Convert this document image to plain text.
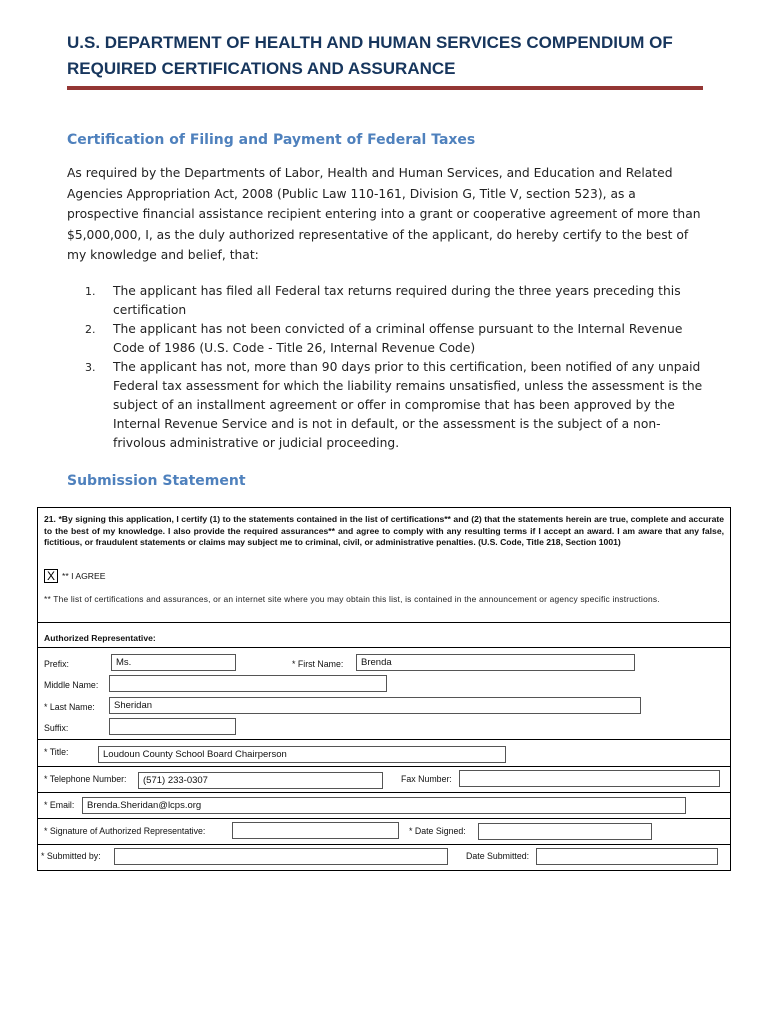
U.S. DEPARTMENT OF HEALTH AND HUMAN SERVICES COMPENDIUM OF REQUIRED CERTIFICATIONS AND ASSURANCE
Certification of Filing and Payment of Federal Taxes
As required by the Departments of Labor, Health and Human Services, and Education and Related Agencies Appropriation Act, 2008 (Public Law 110-161, Division G, Title V, section 523), as a prospective financial assistance recipient entering into a grant or cooperative agreement of more than $5,000,000, I, as the duly authorized representative of the applicant, do hereby certify to the best of my knowledge and belief, that:
1. The applicant has filed all Federal tax returns required during the three years preceding this certification
2. The applicant has not been convicted of a criminal offense pursuant to the Internal Revenue Code of 1986 (U.S. Code - Title 26, Internal Revenue Code)
3. The applicant has not, more than 90 days prior to this certification, been notified of any unpaid Federal tax assessment for which the liability remains unsatisfied, unless the assessment is the subject of an installment agreement or offer in compromise that has been approved by the Internal Revenue Service and is not in default, or the assessment is the subject of a non-frivolous administrative or judicial proceeding.
Submission Statement
21. *By signing this application, I certify (1) to the statements contained in the list of certifications** and (2) that the statements herein are true, complete and accurate to the best of my knowledge. I also provide the required assurances** and agree to comply with any resulting terms if I accept an award. I am aware that any false, fictitious, or fraudulent statements or claims may subject me to criminal, civil, or administrative penalties. (U.S. Code, Title 218, Section 1001)
X ** I AGREE
** The list of certifications and assurances, or an internet site where you may obtain this list, is contained in the announcement or agency specific instructions.
Authorized Representative:
Prefix:	Ms.	* First Name:	Brenda
Middle Name:
* Last Name:	Sheridan
Suffix:
* Title:	Loudoun County School Board Chairperson
* Telephone Number:	(571) 233-0307	Fax Number:
* Email:	Brenda.Sheridan@lcps.org
* Signature of Authorized Representative:	* Date Signed:
* Submitted by:	Date Submitted:
